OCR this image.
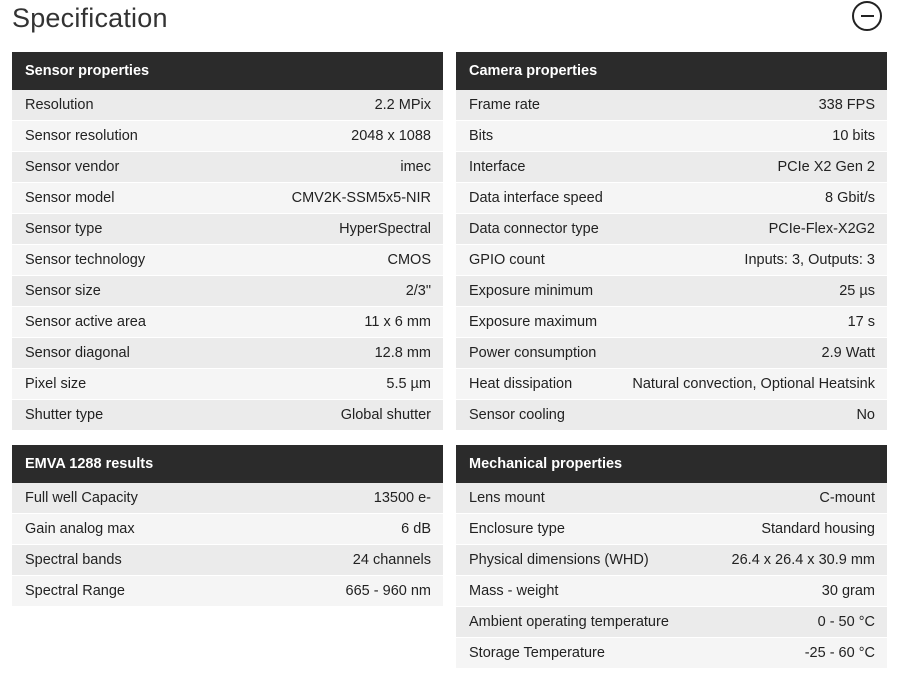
Specification
Sensor properties
Resolution	2.2 MPix
Sensor resolution	2048 x 1088
Sensor vendor	imec
Sensor model	CMV2K-SSM5x5-NIR
Sensor type	HyperSpectral
Sensor technology	CMOS
Sensor size	2/3"
Sensor active area	11 x 6 mm
Sensor diagonal	12.8 mm
Pixel size	5.5 µm
Shutter type	Global shutter
Camera properties
Frame rate	338 FPS
Bits	10 bits
Interface	PCIe X2 Gen 2
Data interface speed	8 Gbit/s
Data connector type	PCIe-Flex-X2G2
GPIO count	Inputs: 3, Outputs: 3
Exposure minimum	25 µs
Exposure maximum	17 s
Power consumption	2.9 Watt
Heat dissipation	Natural convection, Optional Heatsink
Sensor cooling	No
EMVA 1288 results
Full well Capacity	13500 e-
Gain analog max	6 dB
Spectral bands	24 channels
Spectral Range	665 - 960 nm
Mechanical properties
Lens mount	C-mount
Enclosure type	Standard housing
Physical dimensions (WHD)	26.4 x 26.4 x 30.9 mm
Mass - weight	30 gram
Ambient operating temperature	0 - 50 °C
Storage Temperature	-25 - 60 °C
